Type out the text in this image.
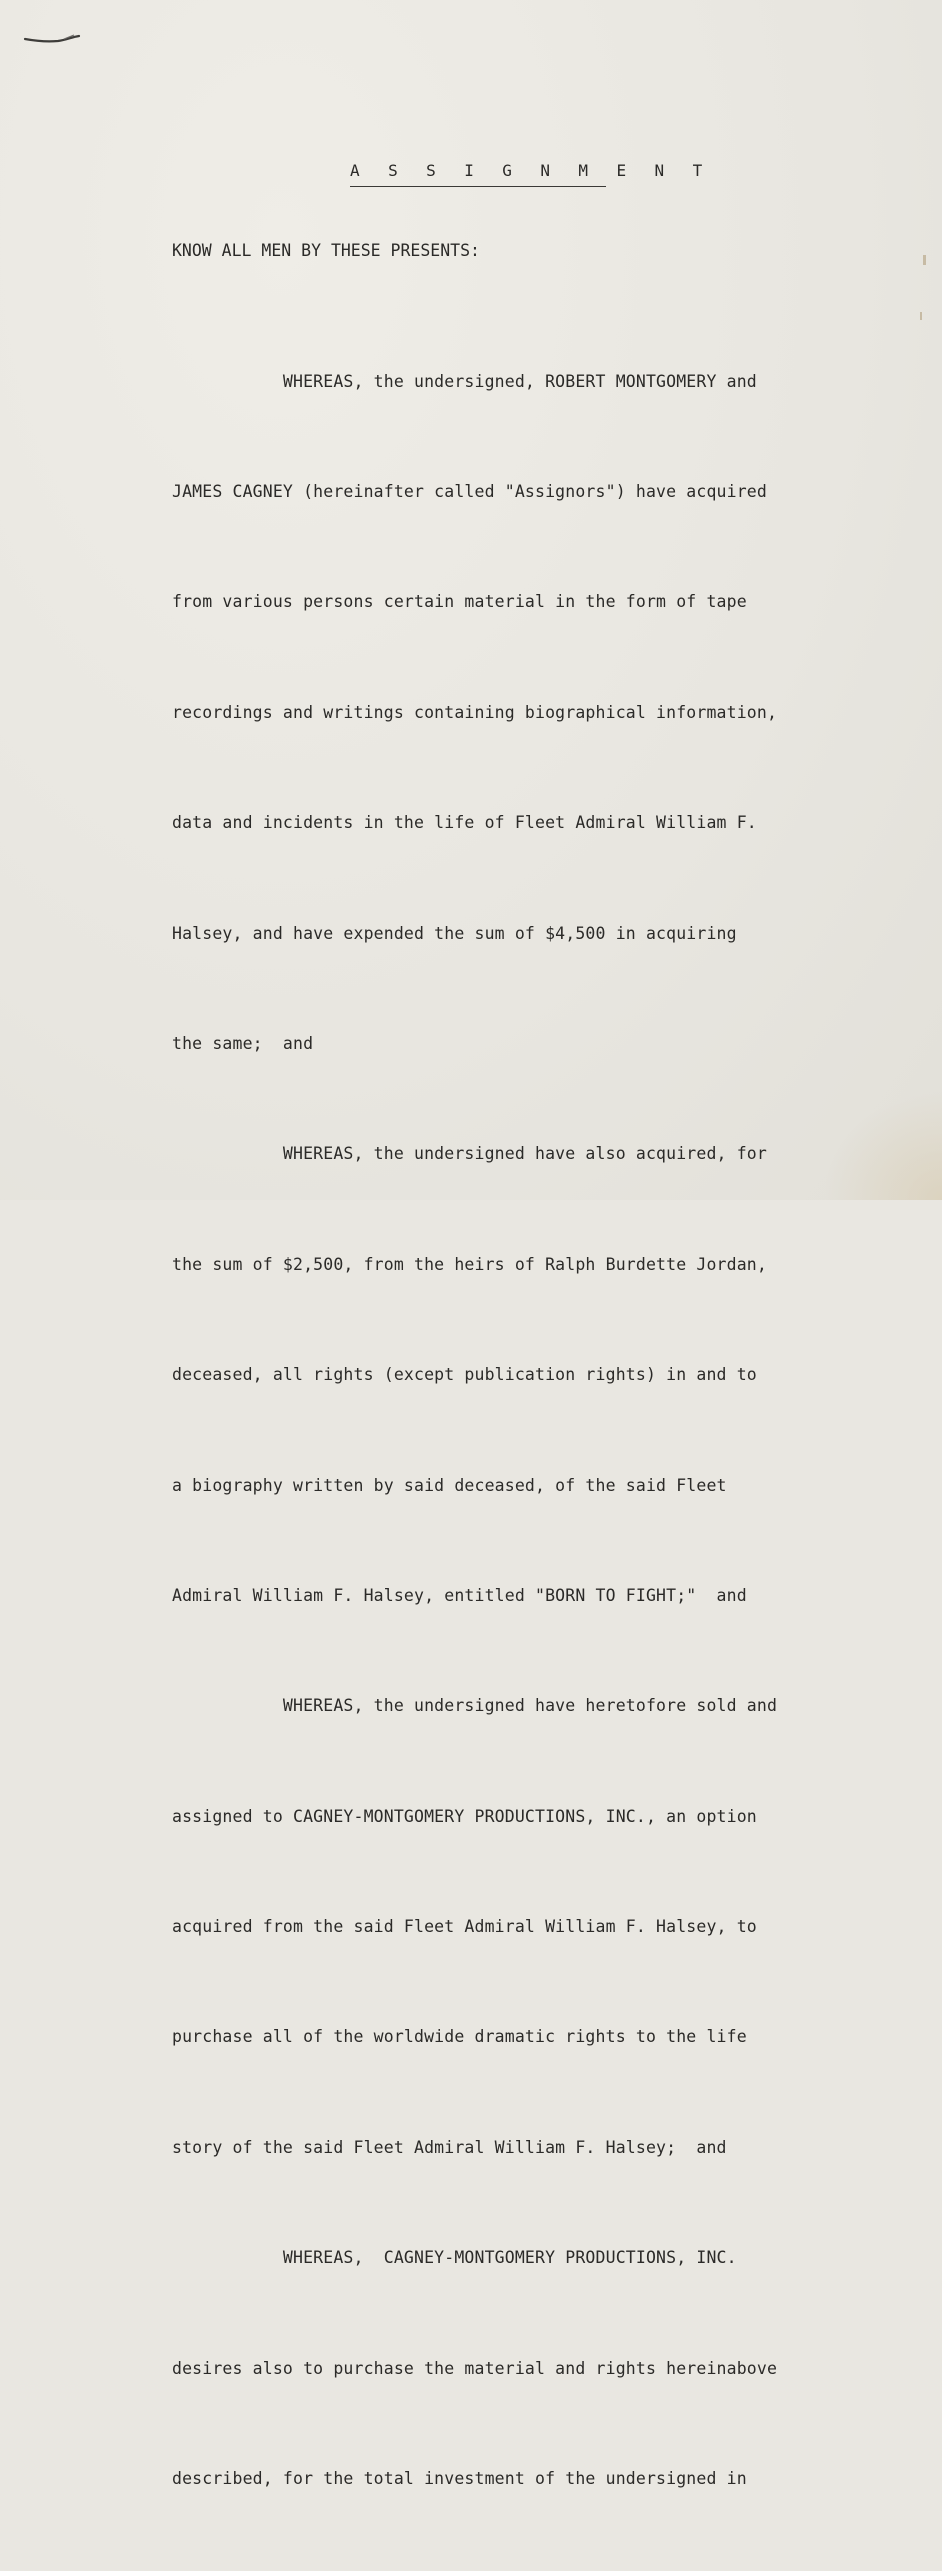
A S S I G N M E N T
KNOW ALL MEN BY THESE PRESENTS:

WHEREAS, the undersigned, ROBERT MONTGOMERY and

JAMES CAGNEY (hereinafter called "Assignors") have acquired

from various persons certain material in the form of tape

recordings and writings containing biographical information,

data and incidents in the life of Fleet Admiral William F.

Halsey, and have expended the sum of $4,500 in acquiring

the same;  and

WHEREAS, the undersigned have also acquired, for

the sum of $2,500, from the heirs of Ralph Burdette Jordan,

deceased, all rights (except publication rights) in and to

a biography written by said deceased, of the said Fleet

Admiral William F. Halsey, entitled "BORN TO FIGHT;"  and

WHEREAS, the undersigned have heretofore sold and

assigned to CAGNEY-MONTGOMERY PRODUCTIONS, INC., an option

acquired from the said Fleet Admiral William F. Halsey, to

purchase all of the worldwide dramatic rights to the life

story of the said Fleet Admiral William F. Halsey;  and

WHEREAS,  CAGNEY-MONTGOMERY PRODUCTIONS, INC.

desires also to purchase the material and rights hereinabove

described, for the total investment of the undersigned in
